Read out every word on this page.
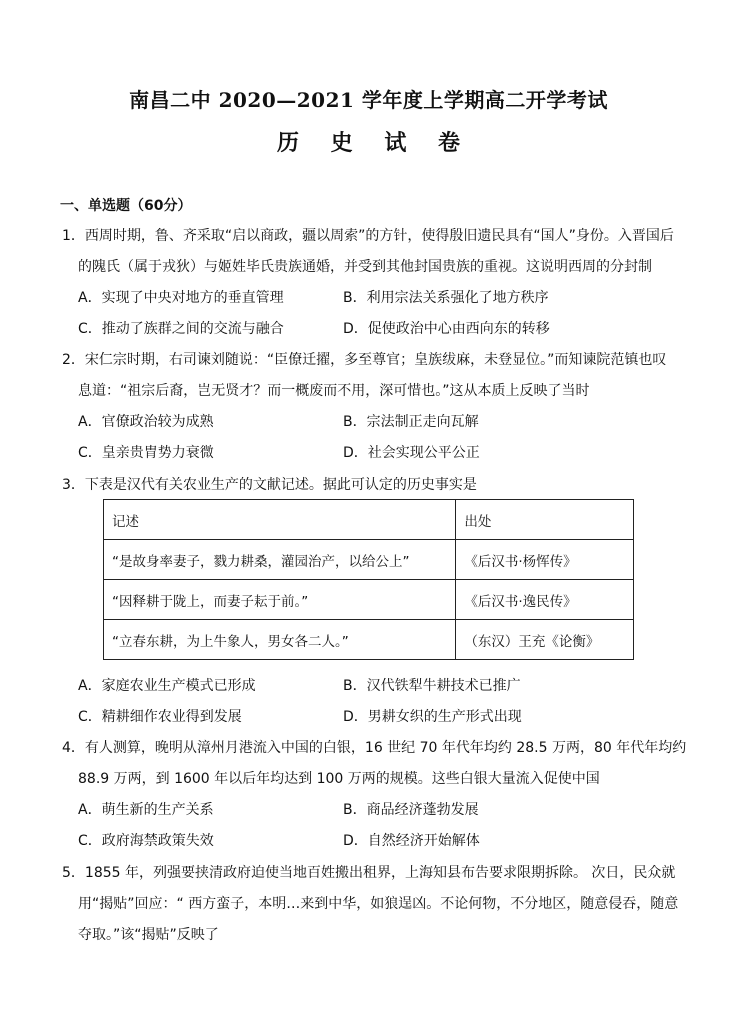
南昌二中 2020—2021 学年度上学期高二开学考试
历 史 试 卷
一、单选题（60分）
1．西周时期，鲁、齐采取“启以商政，疆以周索”的方针，使得殷旧遗民具有“国人”身份。入晋国后
的隗氏（属于戎狄）与姬姓毕氏贵族通婚，并受到其他封国贵族的重视。这说明西周的分封制
A．实现了中央对地方的垂直管理	B．利用宗法关系强化了地方秩序
C．推动了族群之间的交流与融合	D．促使政治中心由西向东的转移
2．宋仁宗时期，右司谏刘随说：“臣僚迁擢，多至尊官；皇族绂麻，未登显位。”而知谏院范镇也叹
息道：“祖宗后裔，岂无贤才？而一概废而不用，深可惜也。”这从本质上反映了当时
A．官僚政治较为成熟	B．宗法制正走向瓦解
C．皇亲贵胄势力衰微	D．社会实现公平公正
3．下表是汉代有关农业生产的文献记述。据此可认定的历史事实是
记述	出处
“是故身率妻子，戮力耕桑，灌园治产，以给公上”	《后汉书·杨恽传》
“因释耕于陇上，而妻子耘于前。”	《后汉书·逸民传》
“立春东耕，为上牛象人，男女各二人。”	（东汉）王充《论衡》
A．家庭农业生产模式已形成	B．汉代铁犁牛耕技术已推广
C．精耕细作农业得到发展	D．男耕女织的生产形式出现
4．有人测算，晚明从漳州月港流入中国的白银，16 世纪 70 年代年均约 28.5 万两，80 年代年均约
88.9 万两，到 1600 年以后年均达到 100 万两的规模。这些白银大量流入促使中国
A．萌生新的生产关系	B．商品经济蓬勃发展
C．政府海禁政策失效	D．自然经济开始解体
5．1855 年，列强要挟清政府迫使当地百姓搬出租界，上海知县布告要求限期拆除。 次日，民众就
用“揭贴”回应：“ 西方蛮子，本明…来到中华，如狼逞凶。不论何物，不分地区，随意侵吞，随意
夺取。”该“揭贴”反映了
